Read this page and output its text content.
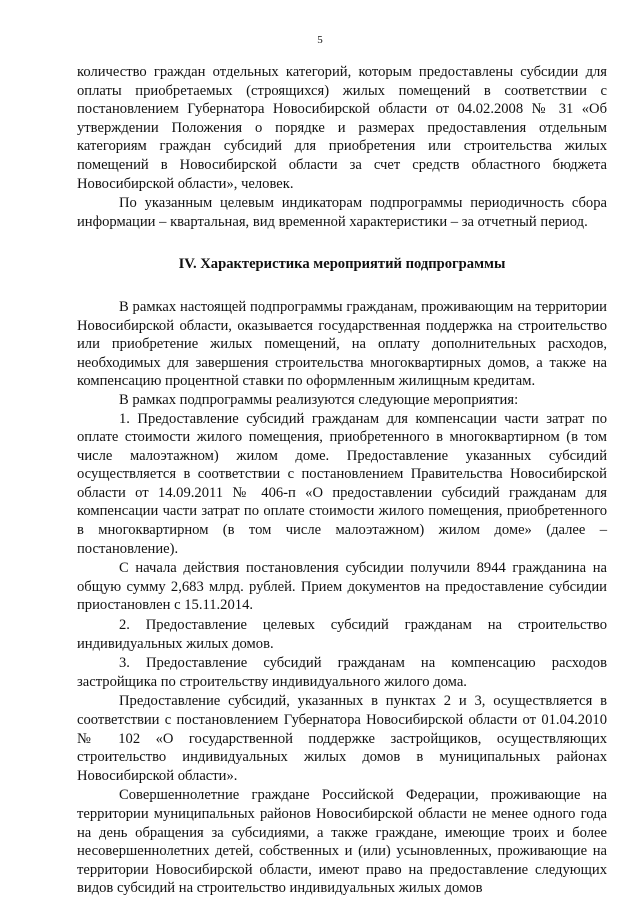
5

количество граждан отдельных категорий, которым предоставлены субсидии для оплаты приобретаемых (строящихся) жилых помещений в соответствии с постановлением Губернатора Новосибирской области от 04.02.2008 № 31 «Об утверждении Положения о порядке и размерах предоставления отдельным категориям граждан субсидий для приобретения или строительства жилых помещений в Новосибирской области за счет средств областного бюджета Новосибирской области», человек.

По указанным целевым индикаторам подпрограммы периодичность сбора информации – квартальная, вид временной характеристики – за отчетный период.

IV. Характеристика мероприятий подпрограммы

В рамках настоящей подпрограммы гражданам, проживающим на территории Новосибирской области, оказывается государственная поддержка на строительство или приобретение жилых помещений, на оплату дополнительных расходов, необходимых для завершения строительства многоквартирных домов, а также на компенсацию процентной ставки по оформленным жилищным кредитам.

В рамках подпрограммы реализуются следующие мероприятия:

1. Предоставление субсидий гражданам для компенсации части затрат по оплате стоимости жилого помещения, приобретенного в многоквартирном (в том числе малоэтажном) жилом доме. Предоставление указанных субсидий осуществляется в соответствии с постановлением Правительства Новосибирской области от 14.09.2011 № 406-п «О предоставлении субсидий гражданам для компенсации части затрат по оплате стоимости жилого помещения, приобретенного в многоквартирном (в том числе малоэтажном) жилом доме» (далее – постановление).

С начала действия постановления субсидии получили 8944 гражданина на общую сумму 2,683 млрд. рублей. Прием документов на предоставление субсидии приостановлен с 15.11.2014.

2. Предоставление целевых субсидий гражданам на строительство индивидуальных жилых домов.

3. Предоставление субсидий гражданам на компенсацию расходов застройщика по строительству индивидуального жилого дома.

Предоставление субсидий, указанных в пунктах 2 и 3, осуществляется в соответствии с постановлением Губернатора Новосибирской области от 01.04.2010 № 102 «О государственной поддержке застройщиков, осуществляющих строительство индивидуальных жилых домов в муниципальных районах Новосибирской области».

Совершеннолетние граждане Российской Федерации, проживающие на территории муниципальных районов Новосибирской области не менее одного года на день обращения за субсидиями, а также граждане, имеющие троих и более несовершеннолетних детей, собственных и (или) усыновленных, проживающие на территории Новосибирской области, имеют право на предоставление следующих видов субсидий на строительство индивидуальных жилых домов
